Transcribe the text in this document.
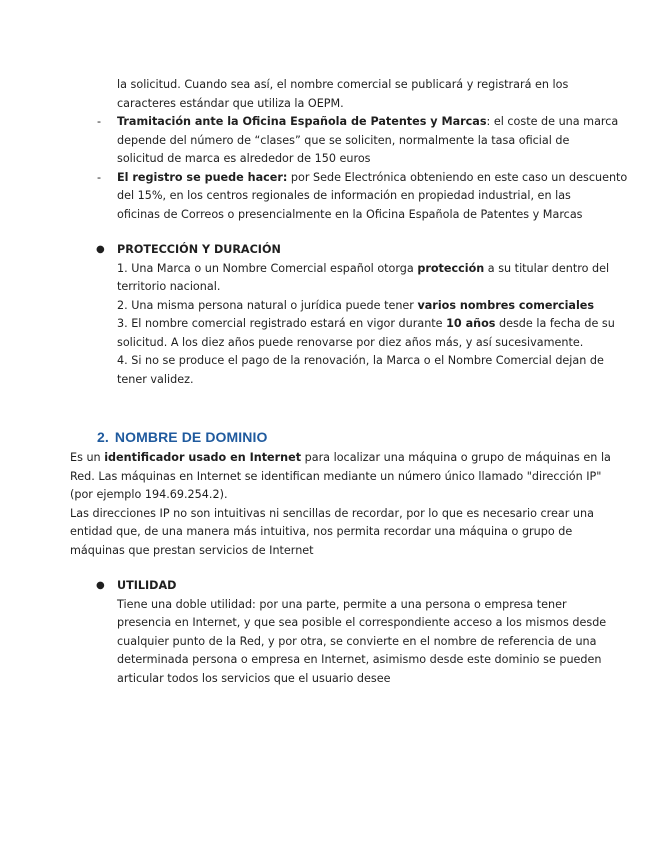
la solicitud. Cuando sea así, el nombre comercial se publicará y registrará en los
caracteres estándar que utiliza la OEPM.
- Tramitación ante la Oficina Española de Patentes y Marcas: el coste de una marca
depende del número de “clases” que se soliciten, normalmente la tasa oficial de
solicitud de marca es alrededor de 150 euros
- El registro se puede hacer: por Sede Electrónica obteniendo en este caso un descuento
del 15%, en los centros regionales de información en propiedad industrial, en las
oficinas de Correos o presencialmente en la Oficina Española de Patentes y Marcas
● PROTECCIÓN Y DURACIÓN
1. Una Marca o un Nombre Comercial español otorga protección a su titular dentro del
territorio nacional.
2. Una misma persona natural o jurídica puede tener varios nombres comerciales
3. El nombre comercial registrado estará en vigor durante 10 años desde la fecha de su
solicitud. A los diez años puede renovarse por diez años más, y así sucesivamente.
4. Si no se produce el pago de la renovación, la Marca o el Nombre Comercial dejan de
tener validez.
2. NOMBRE DE DOMINIO
Es un identificador usado en Internet para localizar una máquina o grupo de máquinas en la
Red. Las máquinas en Internet se identifican mediante un número único llamado "dirección IP"
(por ejemplo 194.69.254.2).
Las direcciones IP no son intuitivas ni sencillas de recordar, por lo que es necesario crear una
entidad que, de una manera más intuitiva, nos permita recordar una máquina o grupo de
máquinas que prestan servicios de Internet
● UTILIDAD
Tiene una doble utilidad: por una parte, permite a una persona o empresa tener
presencia en Internet, y que sea posible el correspondiente acceso a los mismos desde
cualquier punto de la Red, y por otra, se convierte en el nombre de referencia de una
determinada persona o empresa en Internet, asimismo desde este dominio se pueden
articular todos los servicios que el usuario desee
